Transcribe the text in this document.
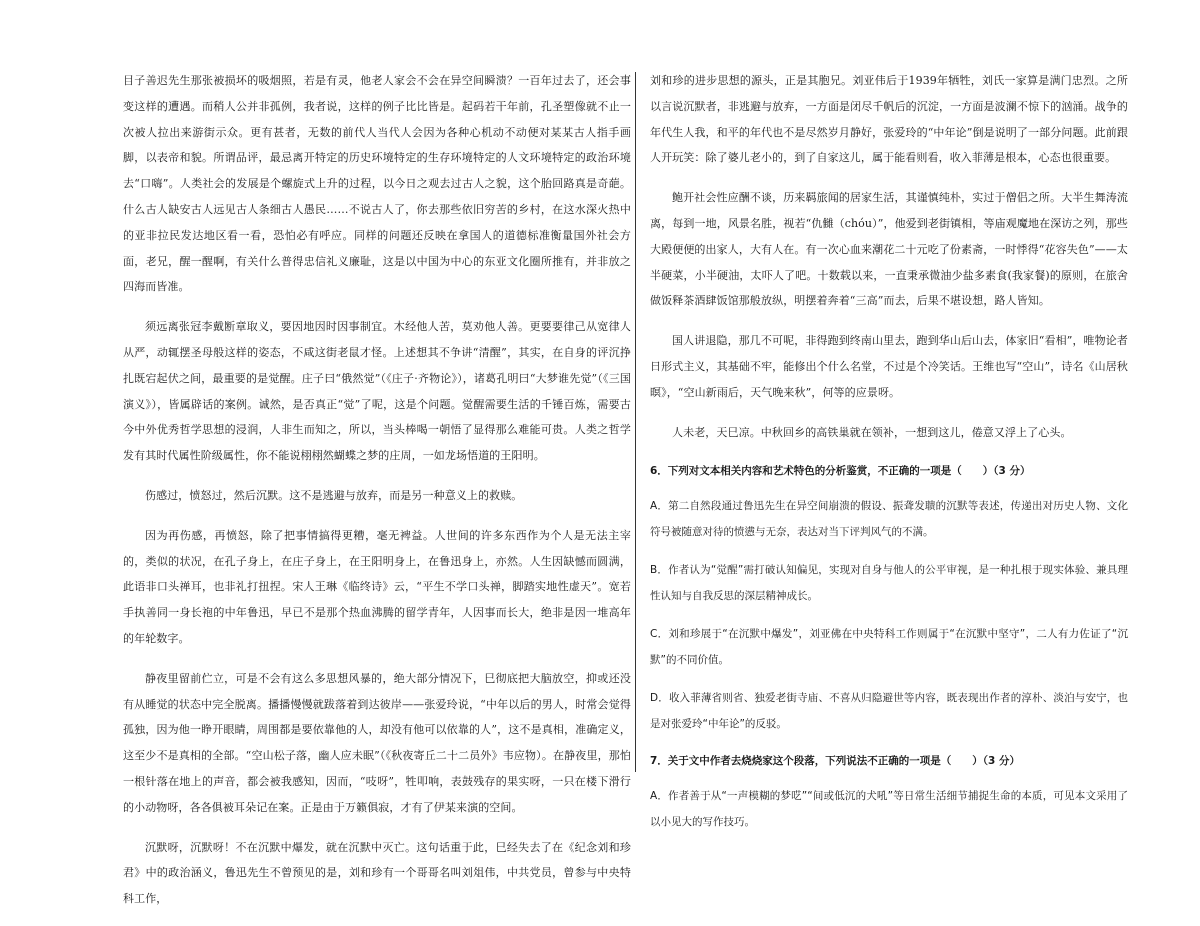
目子善迟先生那张被损坏的吸烟照，若是有灵，他老人家会不会在异空间瞬溃？一百年过去了，还会事变这样的遭遇。而稍人公并非孤例，我者说，这样的例子比比皆是。起码若干年前，孔圣塑像就不止一次被人拉出来游街示众。更有甚者，无数的前代人当代人会因为各种心机动不动便对某某古人指手画脚，以表帝和貌。所谓品评，最忌离开特定的历史环境特定的生存环境特定的人文环境特定的政治环境去“口嗨”。人类社会的发展是个螺旋式上升的过程，以今日之观去过古人之貌，这个胎回路真是奇葩。什么古人缺安古人远见古人条细古人愚民……不说古人了，你去那些依旧穷苦的乡村，在这水深火热中的亚非拉民发达地区看一看，恐怕必有呼应。同样的问题还反映在拿国人的道德标准衡量国外社会方面，老兄，醒一醒啊，有关什么普得忠信礼义廉耻，这是以中国为中心的东亚文化圈所推有，并非放之四海而皆准。

须远离张冠李戴断章取义，要因地因时因事制宜。木经他人苦，莫劝他人善。更要要律己从宽律人从严，动辄摆圣母般这样的姿态，不咸这街老鼠才怪。上述想其不争讲“清醒”，其实，在自身的评沉挣扎既宕起伏之间，最重要的是觉醒。庄子曰“俄然觉”（《庄子·齐物论》），诸葛孔明曰“大梦谁先觉”（《三国演义》），皆属辟话的案例。诚然，是否真正“觉”了呢，这是个问题。觉醒需要生活的千锤百炼，需要古今中外优秀哲学思想的浸润，人非生而知之，所以，当头棒喝一朝悟了显得那么难能可贵。人类之哲学发有其时代属性阶级属性，你不能说栩栩然蝴蝶之梦的庄周，一如龙场悟道的王阳明。

伤感过，愤怒过，然后沉默。这不是逃避与放弃，而是另一种意义上的救赎。

因为再伤感，再愤怒，除了把事情搞得更糟，毫无裨益。人世间的许多东西作为个人是无法主宰的，类似的状况，在孔子身上，在庄子身上，在王阳明身上，在鲁迅身上，亦然。人生因缺憾而圆满，此语非口头禅耳，也非礼打扭捏。宋人王琳《临终诗》云，“平生不学口头禅，脚踏实地性虚天”。宽若手执善同一身长袍的中年鲁迅，早已不是那个热血沸腾的留学青年，人因事而长大，绝非是因一堆高年的年轮数字。

静夜里留前伫立，可是不会有这么多思想风暴的，绝大部分情况下，巳彻底把大脑放空，抑或还没有从睡觉的状态中完全脱离。播播慢慢就跋落着到达彼岸——张爱玲说，“中年以后的男人，时常会觉得孤独，因为他一睁开眼睛，周围都是要依靠他的人，却没有他可以依靠的人”，这不是真相，准确定义，这至少不是真相的全部。“空山松子落，幽人应未眠”（《秋夜寄丘二十二员外》韦应物）。在静夜里，那怕一根针落在地上的声音，都会被我感知，因而，“吱呀”，牲叩响，表鼓残存的果实呀，一只在楼下滑行的小动物呀，各各俱被耳朵记在案。正是由于万籁俱寂，才有了伊某来演的空间。

沉默呀，沉默呀！不在沉默中爆发，就在沉默中灭亡。这句话重于此，巳经失去了在《纪念刘和珍君》中的政治涵义，鲁迅先生不曾预见的是，刘和珍有一个哥哥名叫刘俎伟，中共党员，曾参与中央特科工作，

刘和珍的进步思想的源头，正是其胞兄。刘亚伟后于1939年牺牲，刘氏一家算是满门忠烈。之所以言说沉默者，非逃避与放弃，一方面是闭尽千帆后的沉淀，一方面是波澜不惊下的汹涌。战争的年代生人我，和平的年代也不是尽然岁月静好，张爱玲的“中年论”倒是说明了一部分问题。此前跟人开玩笑：除了婆儿老小的，到了自家这儿，属于能看则看，收入菲薄是根本，心态也很重要。

鲍开社会性应酬不谈，历来羁旅闻的居家生活，其谨慎纯朴，实过于僧侣之所。大半生舞涛流离，每到一地，风景名胜，视若“仇雠（chóu）”，他爱到老街镇相，等庙观魔地在深访之列，那些大殿便便的出家人，大有人在。有一次心血来潮花二十元吃了份素斋，一时悸得“花容失色”——太半硬菜，小半硬油，太吓人了吧。十数载以来，一直秉承微油少盐多素食(我家餐)的原则，在旅舍做饭释茶酒肆饭馆那般放纵，明摆着奔着“三高”而去，后果不堪设想，路人皆知。

国人讲退隐，那几不可呢，非得跑到终南山里去，跑到华山后山去，体家旧“看相”，唯物论者日形式主义，其基础不牢，能修出个什么名堂，不过是个冷笑话。王维也写“空山”，诗名《山居秋暝》，“空山新雨后，天气晚来秋”，何等的应景呀。

人未老，天巳凉。中秋回乡的高铁巢就在领补，一想到这儿，倦意又浮上了心头。

6．下列对文本相关内容和艺术特色的分析鉴赏，不正确的一项是（　　）（3 分）

A．第二自然段通过鲁迅先生在异空间崩溃的假设、振聋发聩的沉默等表述，传递出对历史人物、文化符号被随意对待的愤懑与无奈，表达对当下评判风气的不满。

B．作者认为“觉醒”需打破认知偏见，实现对自身与他人的公平审视，是一种扎根于现实体验、兼具理性认知与自我反思的深层精神成长。

C．刘和珍展于“在沉默中爆发”，刘亚佛在中央特科工作则属于“在沉默中坚守”，二人有力佐证了“沉默”的不同价值。

D．收入菲薄省则省、独爱老街寺庙、不喜从归隐避世等内容，既表现出作者的淳朴、淡泊与安宁，也是对张爱玲“中年论”的反驳。

7．关于文中作者去烧烧家这个段落，下列说法不正确的一项是（　　）（3 分）

A．作者善于从“一声模糊的梦呓”“间或低沉的犬吼”等日常生活细节捕捉生命的本质，可见本文采用了以小见大的写作技巧。
